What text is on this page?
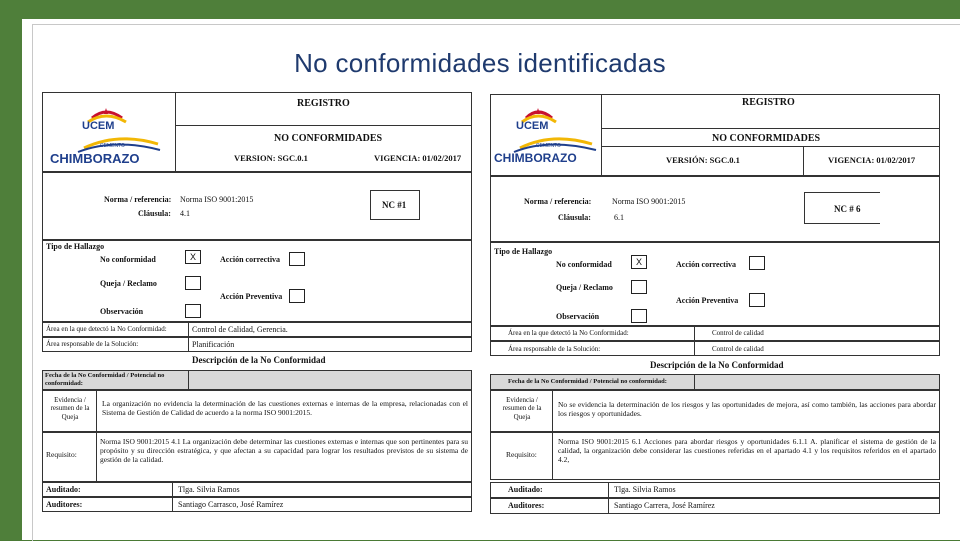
No conformidades identificadas
UCEM
CEMENTO
CHIMBORAZO
REGISTRO
NO CONFORMIDADES
VERSION: SGC.0.1	VIGENCIA: 01/02/2017
Norma / referencia: Norma ISO 9001:2015
Cláusula: 4.1
NC #1
Tipo de Hallazgo
No conformidad	X	Acción correctiva
Queja / Reclamo
Acción Preventiva
Observación
Área en la que detectó la No Conformidad:	Control de Calidad, Gerencia.
Área responsable de la Solución:	Planificación
Descripción de la No Conformidad
Fecha de la No Conformidad / Potencial no conformidad:
Evidencia / resumen de la Queja
La organización no evidencia la determinación de las cuestiones externas e internas de la empresa, relacionadas con el Sistema de Gestión de Calidad de acuerdo a la norma ISO 9001:2015.
Requisito:
Norma ISO 9001:2015 4.1 La organización debe determinar las cuestiones externas e internas que son pertinentes para su propósito y su dirección estratégica, y que afectan a su capacidad para lograr los resultados previstos de su sistema de gestión de la calidad.
Auditado:	Tlga. Silvia Ramos
Auditores:	Santiago Carrasco, José Ramírez
UCEM
CEMENTO
CHIMBORAZO
REGISTRO
NO CONFORMIDADES
VERSIÓN: SGC.0.1	VIGENCIA: 01/02/2017
Norma / referencia:	Norma ISO 9001:2015
Cláusula:	6.1
NC # 6
Tipo de Hallazgo
No conformidad	X	Acción correctiva
Queja / Reclamo
Acción Preventiva
Observación
Área en la que detectó la No Conformidad:	Control de calidad
Área responsable de la Solución:	Control de calidad
Descripción de la No Conformidad
Fecha de la No Conformidad / Potencial no conformidad:
Evidencia / resumen de la Queja
No se evidencia la determinación de los riesgos y las oportunidades de mejora, así como también, las acciones para abordar los riesgos y oportunidades.
Requisito:
Norma ISO 9001:2015 6.1 Acciones para abordar riesgos y oportunidades 6.1.1 A. planificar el sistema de gestión de la calidad, la organización debe considerar las cuestiones referidas en el apartado 4.1 y los requisitos referidos en el apartado 4.2,
Auditado:	Tlga. Silvia Ramos
Auditores:	Santiago Carrera, José Ramírez
